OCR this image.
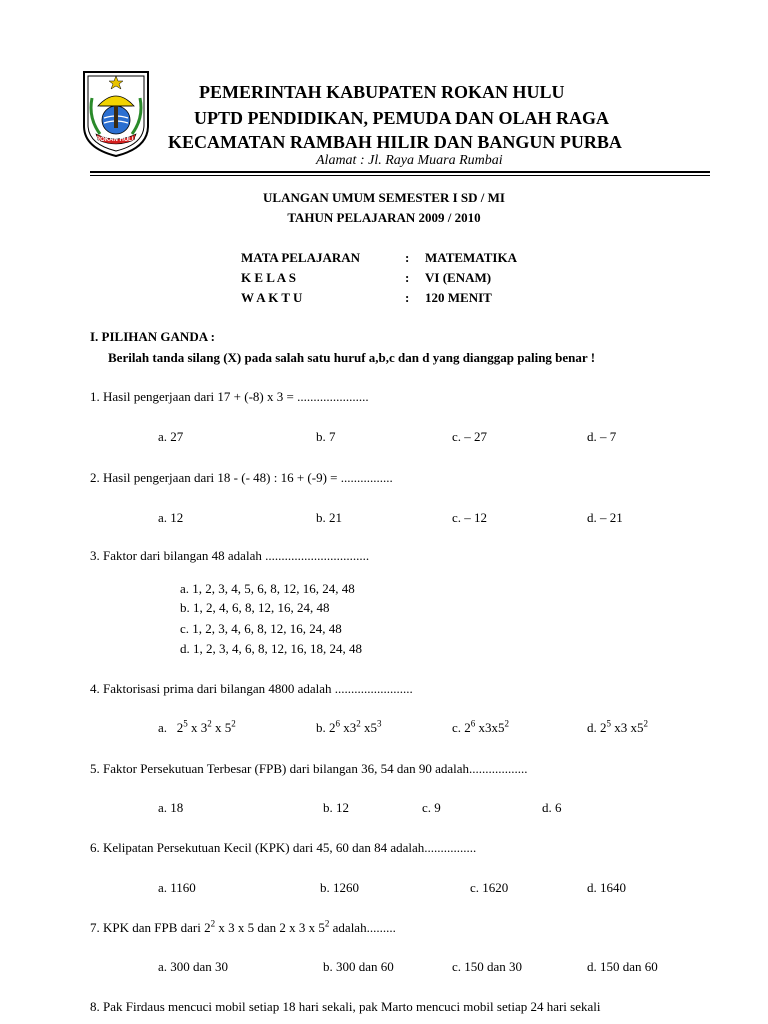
ROKAN HULU
PEMERINTAH KABUPATEN ROKAN HULU
UPTD PENDIDIKAN, PEMUDA DAN OLAH RAGA
KECAMATAN RAMBAH HILIR DAN BANGUN PURBA
Alamat : Jl. Raya Muara Rumbai
ULANGAN UMUM SEMESTER I SD / MI
TAHUN PELAJARAN 2009 / 2010
MATA PELAJARAN	: MATEMATIKA
K E L A S	: VI (ENAM)
W A K T U	: 120 MENIT
I. PILIHAN GANDA :
Berilah tanda silang (X) pada salah satu huruf a,b,c dan d yang dianggap paling benar !
1. Hasil pengerjaan dari 17 + (-8) x 3 = ......................
a. 27	b. 7	c. – 27	d. – 7
2. Hasil pengerjaan dari 18 - (- 48) : 16 + (-9) = ................
a. 12	b. 21	c. – 12	d. – 21
3. Faktor dari bilangan 48 adalah ................................
a. 1, 2, 3, 4, 5, 6, 8, 12, 16, 24, 48
b. 1, 2, 4, 6, 8, 12, 16, 24, 48
c. 1, 2, 3, 4, 6, 8, 12, 16, 24, 48
d. 1, 2, 3, 4, 6, 8, 12, 16, 18, 24, 48
4. Faktorisasi prima dari bilangan 4800 adalah ........................
a. $2^5$ x $3^2$ x $5^2$	b. $2^6$ $x3^2$ $x5^3$	c. $2^6$ $x3x5^2$	d. $2^5$ x3 $x5^2$
5. Faktor Persekutuan Terbesar (FPB) dari bilangan 36, 54 dan 90 adalah..................
a. 18	b. 12	c. 9	d. 6
6. Kelipatan Persekutuan Kecil (KPK) dari 45, 60 dan 84 adalah................
a. 1160	b. 1260	c. 1620	d. 1640
7. KPK dan FPB dari $2^2$ x 3 x 5 dan 2 x 3 x $5^2$ adalah.........
a. 300 dan 30	b. 300 dan 60	c. 150 dan 30	d. 150 dan 60
8. Pak Firdaus mencuci mobil setiap 18 hari sekali, pak Marto mencuci mobil setiap 24 hari sekali
